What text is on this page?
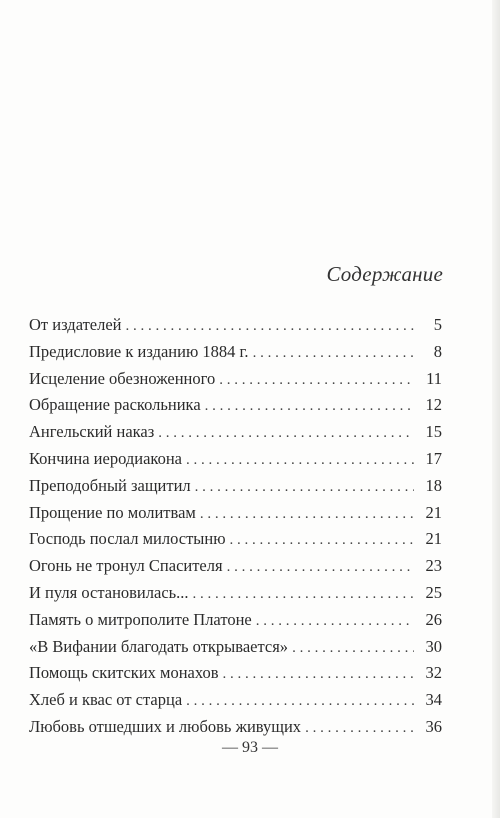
Содержание
От издателей . . .	5
Предисловие к изданию 1884 г. . . .	8
Исцеление обезноженного . . .	11
Обращение раскольника . . .	12
Ангельский наказ . . .	15
Кончина иеродиакона . . .	17
Преподобный защитил . . .	18
Прощение по молитвам . . .	21
Господь послал милостыню . . .	21
Огонь не тронул Спасителя . . .	23
И пуля остановилась... . . .	25
Память о митрополите Платоне . . .	26
«В Вифании благодать открывается» . . .	30
Помощь скитских монахов . . .	32
Хлеб и квас от старца . . .	34
Любовь отшедших и любовь живущих . . .	36
— 93 —
